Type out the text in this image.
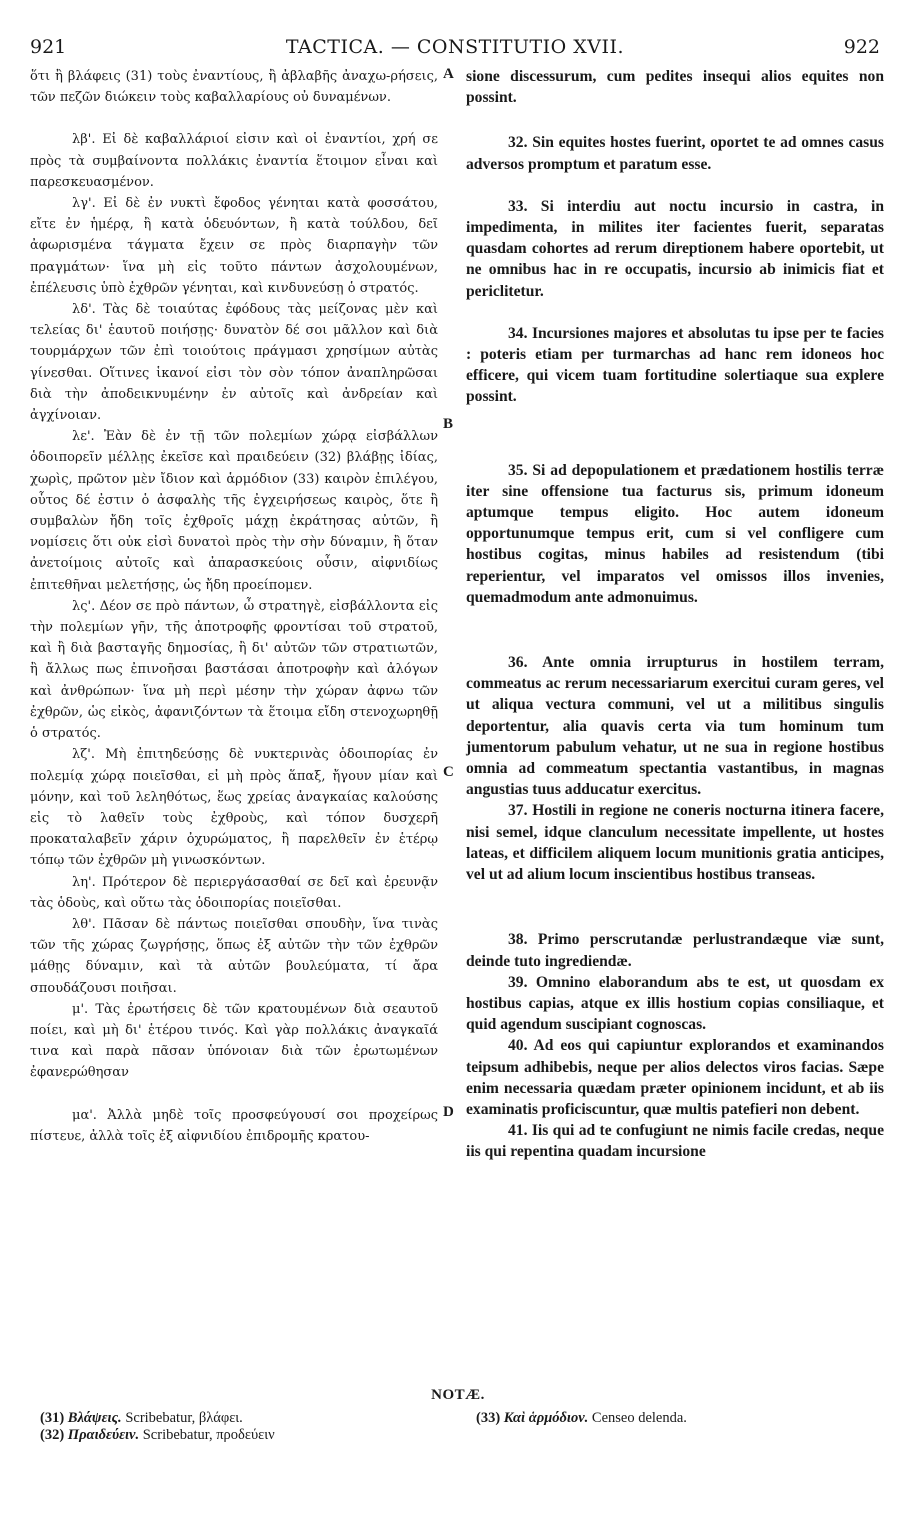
921	TACTICA. — CONSTITUTIO XVII.	922

ὅτι ἢ βλάφεις (31) τοὺς ἐναντίους, ἢ ἀβλαβῆς ἀναχω-ρήσεις, τῶν πεζῶν διώκειν τοὺς καβαλλαρίους οὐ δυναμένων.

λβ'. Εἰ δὲ καβαλλάριοί εἰσιν καὶ οἱ ἐναντίοι, χρή σε πρὸς τὰ συμβαίνοντα πολλάκις ἐναντία ἕτοιμον εἶναι καὶ παρεσκευασμένον.

λγ'. Εἰ δὲ ἐν νυκτὶ ἔφοδος γένηται κατὰ φοσσάτου, εἴτε ἐν ἡμέρᾳ, ἢ κατὰ ὁδευόντων, ἢ κατὰ τούλδου, δεῖ ἀφωρισμένα τάγματα ἔχειν σε πρὸς διαρπαγὴν τῶν πραγμάτων· ἵνα μὴ εἰς τοῦτο πάντων ἀσχολουμένων, ἐπέλευσις ὑπὸ ἐχθρῶν γένηται, καὶ κινδυνεύσῃ ὁ στρατός.

λδ'. Τὰς δὲ τοιαύτας ἐφόδους τὰς μείζονας μὲν καὶ τελείας δι' ἑαυτοῦ ποιήσῃς· δυνατὸν δέ σοι μᾶλλον καὶ διὰ τουρμάρχων τῶν ἐπὶ τοιούτοις πράγμασι χρησίμων αὐτὰς γίνεσθαι. Οἵτινες ἱκανοί εἰσι τὸν σὸν τόπον ἀναπληρῶσαι διὰ τὴν ἀποδεικνυμένην ἐν αὐτοῖς καὶ ἀνδρείαν καὶ ἀγχίνοιαν.

λε'. Ἐὰν δὲ ἐν τῇ τῶν πολεμίων χώρᾳ εἰσβάλλων ὁδοιπορεῖν μέλλῃς ἐκεῖσε καὶ πραιδεύειν (32) βλάβῃς ἰδίας, χωρὶς, πρῶτον μὲν ἴδιον καὶ ἁρμόδιον (33) καιρὸν ἐπιλέγου, οὗτος δέ ἐστιν ὁ ἀσφαλὴς τῆς ἐγχειρήσεως καιρὸς, ὅτε ἢ συμβαλὼν ἤδη τοῖς ἐχθροῖς μάχῃ ἐκράτησας αὐτῶν, ἢ νομίσεις ὅτι οὐκ εἰσὶ δυνατοὶ πρὸς τὴν σὴν δύναμιν, ἢ ὅταν ἀνετοίμοις αὐτοῖς καὶ ἀπαρασκεύοις οὖσιν, αἰφνιδίως ἐπιτεθῆναι μελετήσῃς, ὡς ἤδη προείπομεν.

λς'. Δέον σε πρὸ πάντων, ὦ στρατηγὲ, εἰσβάλλοντα εἰς τὴν πολεμίων γῆν, τῆς ἀποτροφῆς φροντίσαι τοῦ στρατοῦ, καὶ ἢ διὰ βασταγῆς δημοσίας, ἢ δι' αὐτῶν τῶν στρατιωτῶν, ἢ ἄλλως πως ἐπινοῆσαι βαστάσαι ἀποτροφὴν καὶ ἀλόγων καὶ ἀνθρώπων· ἵνα μὴ περὶ μέσην τὴν χώραν ἀφνω τῶν ἐχθρῶν, ὡς εἰκὸς, ἀφανιζόντων τὰ ἕτοιμα εἴδη στενοχωρηθῇ ὁ στρατός.

λζ'. Μὴ ἐπιτηδεύσῃς δὲ νυκτερινὰς ὁδοιπορίας ἐν πολεμίᾳ χώρᾳ ποιεῖσθαι, εἰ μὴ πρὸς ἅπαξ, ἤγουν μίαν καὶ μόνην, καὶ τοῦ λεληθότως, ἕως χρείας ἀναγκαίας καλούσης εἰς τὸ λαθεῖν τοὺς ἐχθροὺς, καὶ τόπον δυσχερῆ προκαταλαβεῖν χάριν ὀχυρώματος, ἢ παρελθεῖν ἐν ἑτέρῳ τόπῳ τῶν ἐχθρῶν μὴ γινωσκόντων.

λη'. Πρότερον δὲ περιεργάσασθαί σε δεῖ καὶ ἐρευνᾷν τὰς ὁδοὺς, καὶ οὕτω τὰς ὁδοιπορίας ποιεῖσθαι.

λθ'. Πᾶσαν δὲ πάντως ποιεῖσθαι σπουδὴν, ἵνα τινὰς τῶν τῆς χώρας ζωγρήσῃς, ὅπως ἐξ αὐτῶν τὴν τῶν ἐχθρῶν μάθῃς δύναμιν, καὶ τὰ αὐτῶν βουλεύματα, τί ἄρα σπουδάζουσι ποιῆσαι.

μ'. Τὰς ἐρωτήσεις δὲ τῶν κρατουμένων διὰ σεαυτοῦ ποίει, καὶ μὴ δι' ἑτέρου τινός. Καὶ γὰρ πολλάκις ἀναγκαῖά τινα καὶ παρὰ πᾶσαν ὑπόνοιαν διὰ τῶν ἐρωτωμένων ἐφανερώθησαν

μα'. Ἀλλὰ μηδὲ τοῖς προσφεύγουσί σοι προχείρως πίστευε, ἀλλὰ τοῖς ἐξ αἰφνιδίου ἐπιδρομῆς κρατου-

A
B
C
D

sione discessurum, cum pedites insequi alios equites non possint.

32. Sin equites hostes fuerint, oportet te ad omnes casus adversos promptum et paratum esse.

33. Si interdiu aut noctu incursio in castra, in impedimenta, in milites iter facientes fuerit, separatas quasdam cohortes ad rerum direptionem habere oportebit, ut ne omnibus hac in re occupatis, incursio ab inimicis fiat et periclitetur.

34. Incursiones majores et absolutas tu ipse per te facies : poteris etiam per turmarchas ad hanc rem idoneos hoc efficere, qui vicem tuam fortitudine solertiaque sua explere possint.

35. Si ad depopulationem et prædationem hostilis terræ iter sine offensione tua facturus sis, primum idoneum aptumque tempus eligito. Hoc autem idoneum opportunumque tempus erit, cum si vel confligere cum hostibus cogitas, minus habiles ad resistendum (tibi reperientur, vel imparatos vel omissos illos invenies, quemadmodum ante admonuimus.

36. Ante omnia irrupturus in hostilem terram, commeatus ac rerum necessariarum exercitui curam geres, vel ut aliqua vectura communi, vel ut a militibus singulis deportentur, alia quavis certa via tum hominum tum jumentorum pabulum vehatur, ut ne sua in regione hostibus omnia ad commeatum spectantia vastantibus, in magnas angustias tuus adducatur exercitus.

37. Hostili in regione ne coneris nocturna itinera facere, nisi semel, idque clanculum necessitate impellente, ut hostes lateas, et difficilem aliquem locum munitionis gratia anticipes, vel ut ad alium locum inscientibus hostibus transeas.

38. Primo perscrutandæ perlustrandæque viæ sunt, deinde tuto ingrediendæ.

39. Omnino elaborandum abs te est, ut quosdam ex hostibus capias, atque ex illis hostium copias consiliaque, et quid agendum suscipiant cognoscas.

40. Ad eos qui capiuntur explorandos et examinandos teipsum adhibebis, neque per alios delectos viros facias. Sæpe enim necessaria quædam præter opinionem incidunt, et ab iis examinatis proficiscuntur, quæ multis patefieri non debent.

41. Iis qui ad te confugiunt ne nimis facile credas, neque iis qui repentina quadam incursione

NOTÆ.
(31) Βλάψεις. Scribebatur, βλάφει.
(32) Πραιδεύειν. Scribebatur, προδεύειν
(33) Καὶ ἁρμόδιον. Censeo delenda.
